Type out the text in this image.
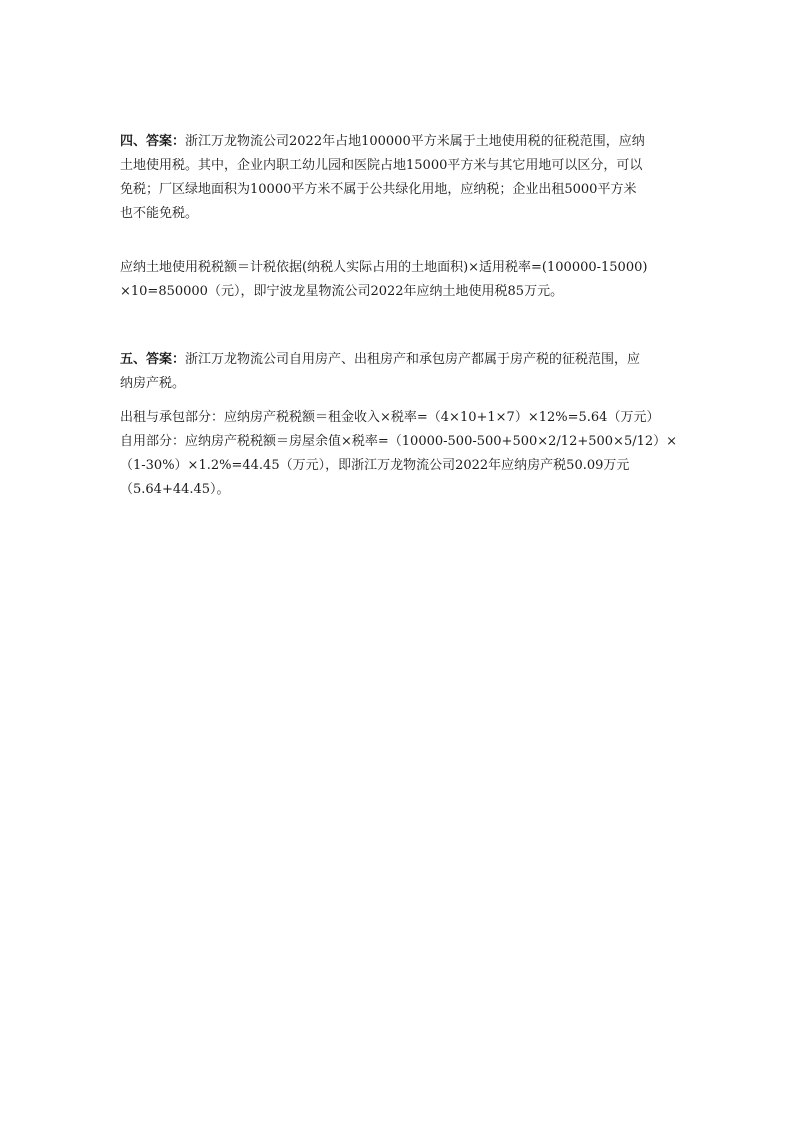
四、答案：浙江万龙物流公司2022年占地100000平方米属于土地使用税的征税范围，应纳
土地使用税。其中，企业内职工幼儿园和医院占地15000平方米与其它用地可以区分，可以
免税；厂区绿地面积为10000平方米不属于公共绿化用地，应纳税；企业出租5000平方米
也不能免税。
应纳土地使用税税额＝计税依据(纳税人实际占用的土地面积)×适用税率=(100000-15000)
×10=850000（元），即宁波龙星物流公司2022年应纳土地使用税85万元。
五、答案：浙江万龙物流公司自用房产、出租房产和承包房产都属于房产税的征税范围，应
纳房产税。
出租与承包部分：应纳房产税税额＝租金收入×税率=（4×10+1×7）×12%=5.64（万元）
自用部分：应纳房产税税额＝房屋余值×税率=（10000-500-500+500×2/12+500×5/12）×
（1-30%）×1.2%=44.45（万元），即浙江万龙物流公司2022年应纳房产税50.09万元
（5.64+44.45）。
